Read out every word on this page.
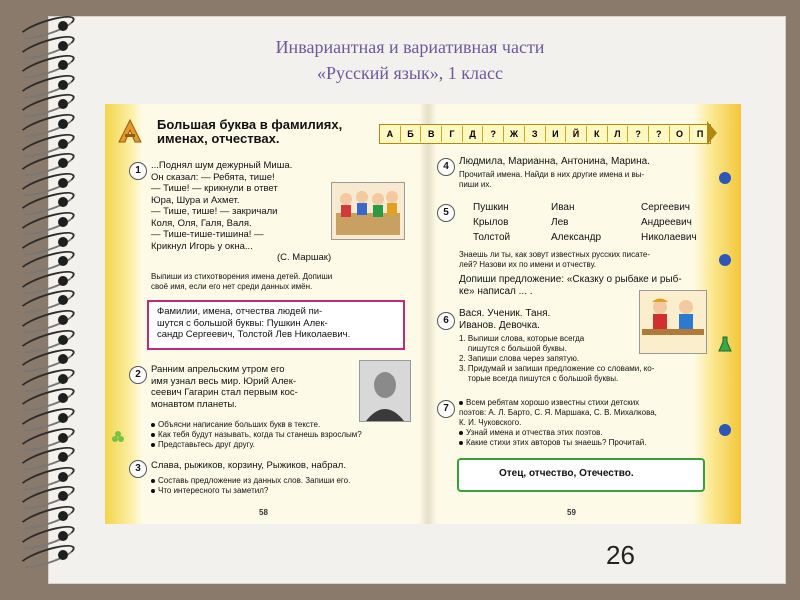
Инвариантная и вариативная части
«Русский язык», 1 класс
Большая буква в фамилиях,
именах, отчествах.	А	Б	В	Г	Д	?	Ж	З	И	Й	К	Л	?	?	О	П
1	...Поднял шум дежурный Миша.
Он сказал: — Ребята, тише!
— Тише! — крикнули в ответ
Юра, Шура и Ахмет.
— Тише, тише! — закричали
Коля, Оля, Галя, Валя.
— Тише-тише-тишина! —
Крикнул Игорь у окна...
(С. Маршак)
Выпиши из стихотворения имена детей. Допиши
своё имя, если его нет среди данных имён.
Фамилии, имена, отчества людей пи-
шутся с большой буквы: Пушкин Алек-
сандр Сергеевич, Толстой Лев Николаевич.
2	Ранним апрельским утром его
имя узнал весь мир. Юрий Алек-
сеевич Гагарин стал первым кос-
монавтом планеты.
Объясни написание больших букв в тексте.
Как тебя будут называть, когда ты станешь взрослым?
Представьтесь друг другу.
3	Слава, рыжиков, корзину, Рыжиков, набрал.
Составь предложение из данных слов. Запиши его.
Что интересного ты заметил?
58
4	Людмила, Марианна, Антонина, Марина.
Прочитай имена. Найди в них другие имена и вы-
пиши их.
5	Пушкин	Иван	Сергеевич
Крылов	Лев	Андреевич
Толстой	Александр	Николаевич
Знаешь ли ты, как зовут известных русских писате-
лей? Назови их по имени и отчеству.
Допиши предложение: «Сказку о рыбаке и рыб-
ке» написал ... .
6
Вася. Ученик. Таня.
Иванов. Девочка.
1. Выпиши слова, которые всегда
пишутся с большой буквы.
2. Запиши слова через запятую.
3. Придумай и запиши предложение со словами, ко-
торые всегда пишутся с большой буквы.
7
Всем ребятам хорошо известны стихи детских
поэтов: А. Л. Барто, С. Я. Маршака, С. В. Михалкова,
К. И. Чуковского.
Узнай имена и отчества этих поэтов.
Какие стихи этих авторов ты знаешь? Прочитай.
Отец, отчество, Отечество.
59
26
